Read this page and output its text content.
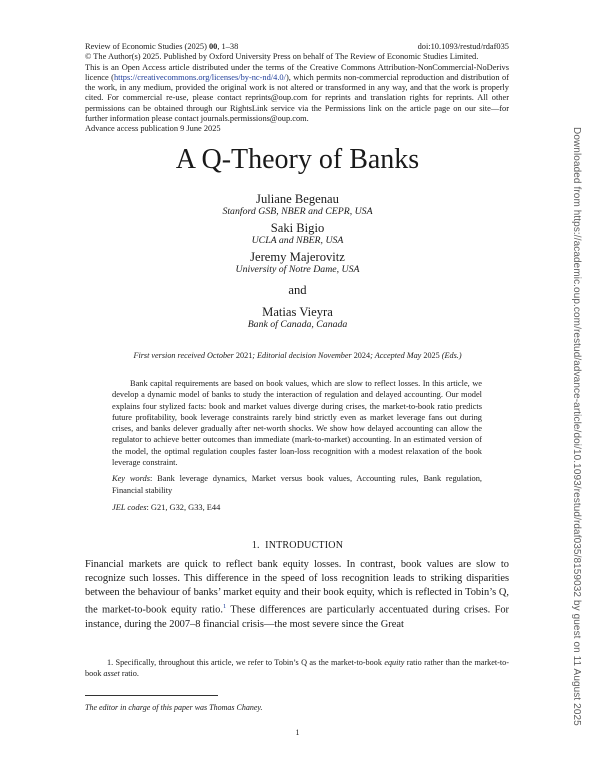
Review of Economic Studies (2025) 00, 1–38	doi:10.1093/restud/rdaf035

© The Author(s) 2025. Published by Oxford University Press on behalf of The Review of Economic Studies Limited.

This is an Open Access article distributed under the terms of the Creative Commons Attribution-NonCommercial-NoDerivs licence (https://creativecommons.org/licenses/by-nc-nd/4.0/), which permits non-commercial reproduction and distribution of the work, in any medium, provided the original work is not altered or transformed in any way, and that the work is properly cited. For commercial re-use, please contact reprints@oup.com for reprints and translation rights for reprints. All other permissions can be obtained through our RightsLink service via the Permissions link on the article page on our site—for further information please contact journals.permissions@oup.com.

Advance access publication 9 June 2025

A Q-Theory of Banks
Juliane Begenau
Stanford GSB, NBER and CEPR, USA
Saki Bigio
UCLA and NBER, USA
Jeremy Majerovitz
University of Notre Dame, USA
and
Matias Vieyra
Bank of Canada, Canada
First version received October 2021; Editorial decision November 2024; Accepted May 2025 (Eds.)

Bank capital requirements are based on book values, which are slow to reflect losses. In this article, we develop a dynamic model of banks to study the interaction of regulation and delayed accounting. Our model explains four stylized facts: book and market values diverge during crises, the market-to-book ratio predicts future profitability, book leverage constraints rarely bind strictly even as market leverage fans out during crises, and banks delever gradually after net-worth shocks. We show how delayed accounting can allow the regulator to achieve better outcomes than immediate (mark-to-market) accounting. In an estimated version of the model, the optimal regulation couples faster loan-loss recognition with a modest relaxation of the book leverage constraint.

Key words: Bank leverage dynamics, Market versus book values, Accounting rules, Bank regulation, Financial stability
JEL codes: G21, G32, G33, E44
1. INTRODUCTION
Financial markets are quick to reflect bank equity losses. In contrast, book values are slow to recognize such losses. This difference in the speed of loss recognition leads to striking disparities between the behaviour of banks’ market equity and their book equity, which is reflected in Tobin’s Q, the market-to-book equity ratio.$^1$ These differences are particularly accentuated during crises. For instance, during the 2007–8 financial crisis—the most severe since the Great

1. Specifically, throughout this article, we refer to Tobin’s Q as the market-to-book equity ratio rather than the market-to-book asset ratio.

The editor in charge of this paper was Thomas Chaney.
1
Downloaded from https://academic.oup.com/restud/advance-article/doi/10.1093/restud/rdaf035/8159032 by guest on 11 August 2025
